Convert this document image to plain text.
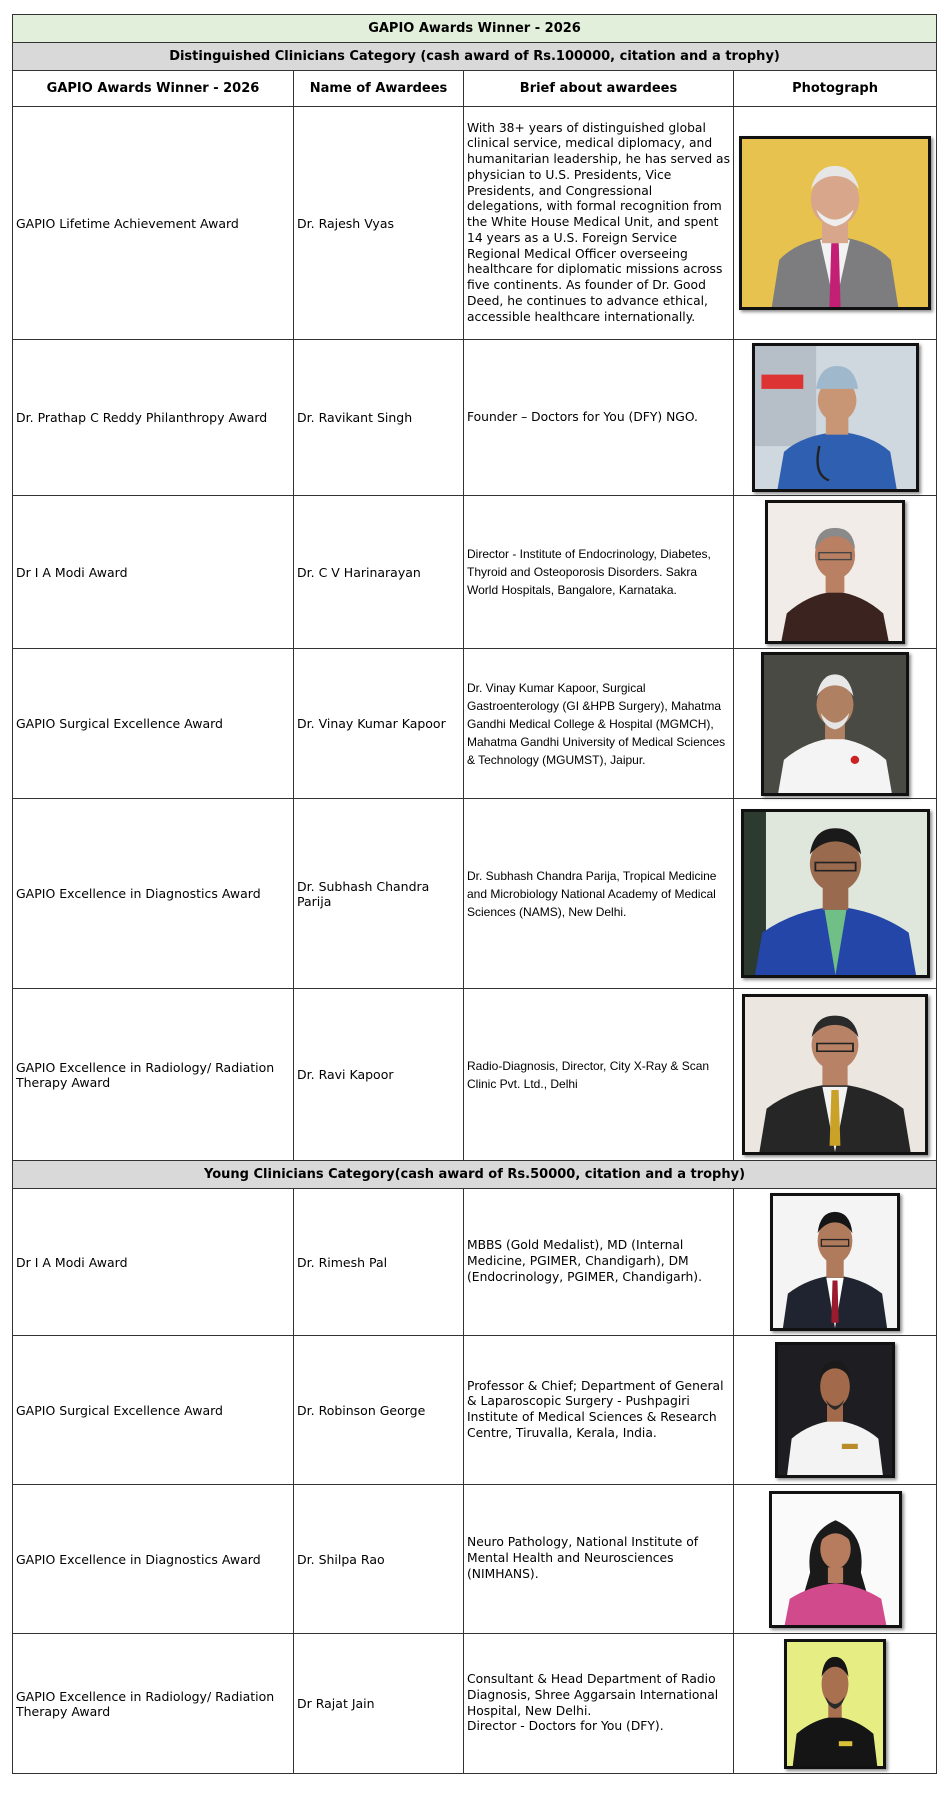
GAPIO Awards Winner - 2026			
Distinguished Clinicians Category (cash award of Rs.100000, citation and a trophy)			
GAPIO Awards Winner - 2026	Name of Awardees	Brief about awardees	Photograph
GAPIO Lifetime Achievement Award	Dr. Rajesh Vyas	With 38+ years of distinguished global clinical service, medical diplomacy, and humanitarian leadership, he has served as physician to U.S. Presidents, Vice Presidents, and Congressional delegations, with formal recognition from the White House Medical Unit, and spent 14 years as a U.S. Foreign Service Regional Medical Officer overseeing healthcare for diplomatic missions across five continents. As founder of Dr. Good Deed, he continues to advance ethical, accessible healthcare internationally.	

Dr. Prathap C Reddy Philanthropy Award	Dr. Ravikant Singh	Founder – Doctors for You (DFY) NGO.	

Dr I A Modi Award	Dr. C V Harinarayan	Director - Institute of Endocrinology, Diabetes, Thyroid and Osteoporosis Disorders. Sakra World Hospitals, Bangalore, Karnataka.	

GAPIO Surgical Excellence Award	Dr. Vinay Kumar Kapoor	Dr. Vinay Kumar Kapoor, Surgical Gastroenterology (GI &HPB Surgery), Mahatma Gandhi Medical College & Hospital (MGMCH), Mahatma Gandhi University of Medical Sciences & Technology (MGUMST), Jaipur.	

GAPIO Excellence in Diagnostics Award	Dr. Subhash Chandra Parija	Dr. Subhash Chandra Parija, Tropical Medicine and Microbiology National Academy of Medical Sciences (NAMS), New Delhi.	

GAPIO Excellence in Radiology/ Radiation Therapy Award	Dr. Ravi Kapoor	Radio-Diagnosis, Director, City X-Ray & Scan Clinic Pvt. Ltd., Delhi	

Young Clinicians Category(cash award of Rs.50000, citation and a trophy)			
Dr I A Modi Award	Dr. Rimesh Pal	MBBS (Gold Medalist), MD (Internal Medicine, PGIMER, Chandigarh), DM (Endocrinology, PGIMER, Chandigarh).	

GAPIO Surgical Excellence Award	Dr. Robinson George	Professor & Chief; Department of General & Laparoscopic Surgery - Pushpagiri Institute of Medical Sciences & Research Centre, Tiruvalla, Kerala, India.	

GAPIO Excellence in Diagnostics Award	Dr. Shilpa Rao	Neuro Pathology, National Institute of Mental Health and Neurosciences (NIMHANS).	

GAPIO Excellence in Radiology/ Radiation Therapy Award	Dr Rajat Jain	Consultant & Head Department of Radio Diagnosis, Shree Aggarsain International Hospital, New Delhi.
Director - Doctors for You (DFY).
